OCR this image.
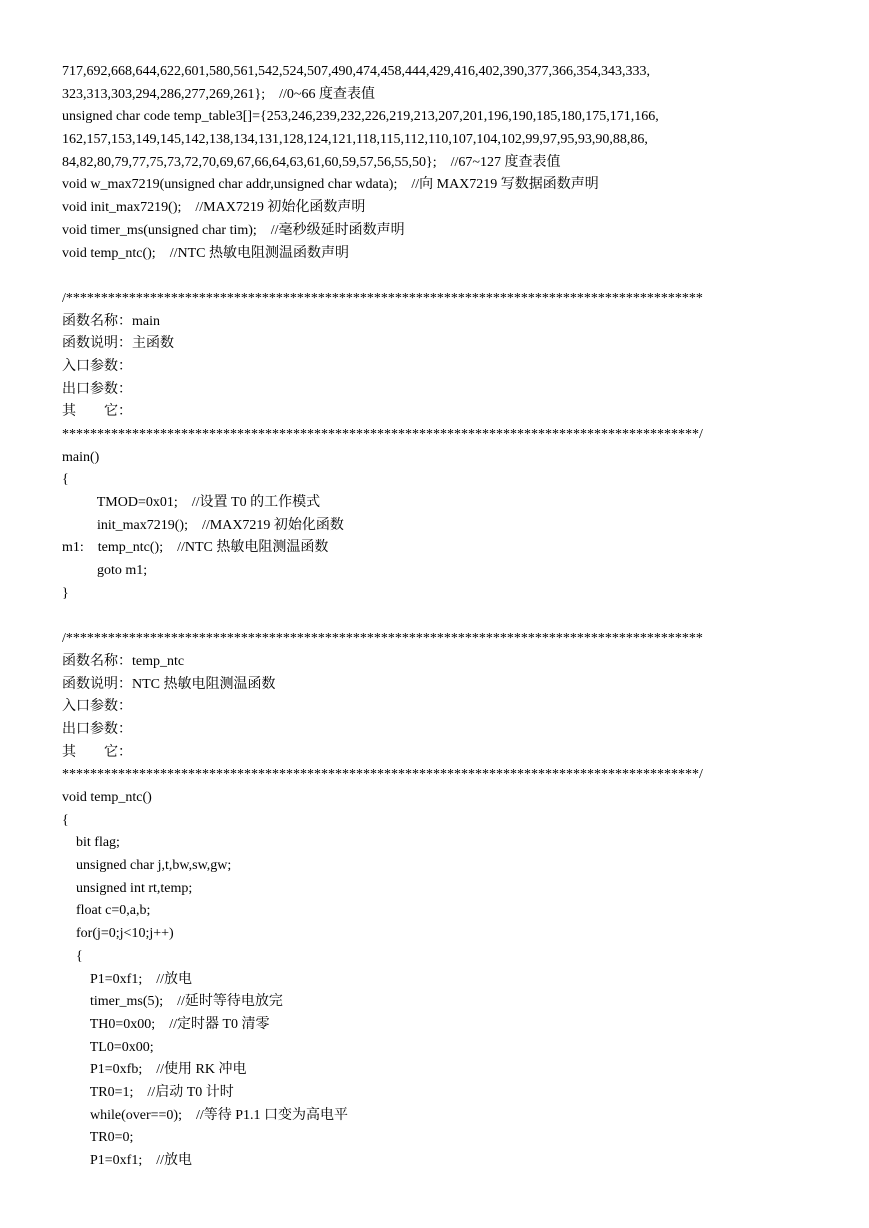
717,692,668,644,622,601,580,561,542,524,507,490,474,458,444,429,416,402,390,377,366,354,343,333,
323,313,303,294,286,277,269,261};    //0~66 度查表值
unsigned char code temp_table3[]={253,246,239,232,226,219,213,207,201,196,190,185,180,175,171,166,
162,157,153,149,145,142,138,134,131,128,124,121,118,115,112,110,107,104,102,99,97,95,93,90,88,86,
84,82,80,79,77,75,73,72,70,69,67,66,64,63,61,60,59,57,56,55,50};    //67~127 度查表值
void w_max7219(unsigned char addr,unsigned char wdata);    //向 MAX7219 写数据函数声明
void init_max7219();    //MAX7219 初始化函数声明
void timer_ms(unsigned char tim);    //毫秒级延时函数声明
void temp_ntc();    //NTC 热敏电阻测温函数声明
/*******************************************************************************************
函数名称：main
函数说明：主函数
入口参数：
出口参数：
其　　它：
*******************************************************************************************/
main()
{
TMOD=0x01;    //设置 T0 的工作模式
init_max7219();    //MAX7219 初始化函数
m1:    temp_ntc();    //NTC 热敏电阻测温函数
goto m1;
}
/*******************************************************************************************
函数名称：temp_ntc
函数说明：NTC 热敏电阻测温函数
入口参数：
出口参数：
其　　它：
*******************************************************************************************/
void temp_ntc()
{
bit flag;
unsigned char j,t,bw,sw,gw;
unsigned int rt,temp;
float c=0,a,b;
for(j=0;j<10;j++)
{
P1=0xf1;    //放电
timer_ms(5);    //延时等待电放完
TH0=0x00;    //定时器 T0 清零
TL0=0x00;
P1=0xfb;    //使用 RK 冲电
TR0=1;    //启动 T0 计时
while(over==0);    //等待 P1.1 口变为高电平
TR0=0;
P1=0xf1;    //放电
